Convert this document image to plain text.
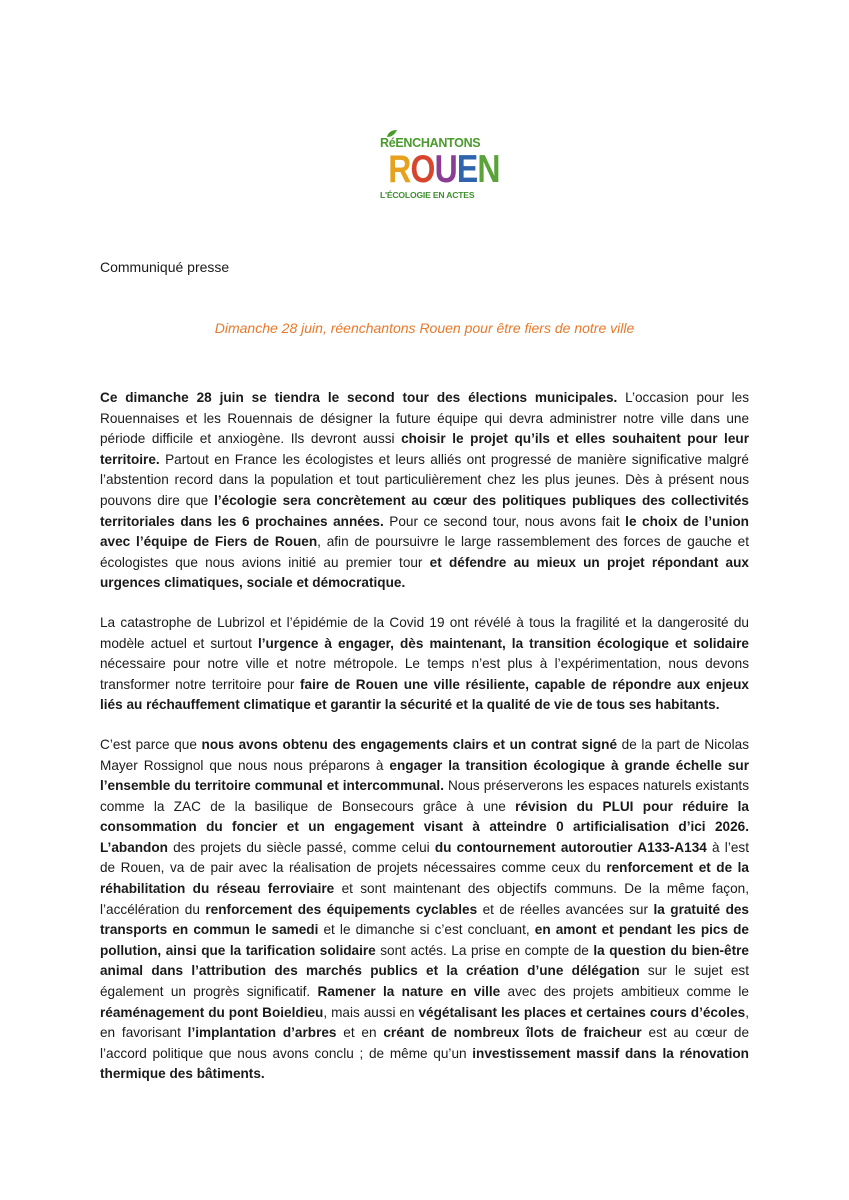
RéENCHANTONS
ROUEN
L'ÉCOLOGIE EN ACTES
Communiqué presse
Dimanche 28 juin, réenchantons Rouen pour être fiers de notre ville

Ce dimanche 28 juin se tiendra le second tour des élections municipales. L’occasion pour les Rouennaises et les Rouennais de désigner la future équipe qui devra administrer notre ville dans une période difficile et anxiogène. Ils devront aussi choisir le projet qu’ils et elles souhaitent pour leur territoire. Partout en France les écologistes et leurs alliés ont progressé de manière significative malgré l’abstention record dans la population et tout particulièrement chez les plus jeunes. Dès à présent nous pouvons dire que l’écologie sera concrètement au cœur des politiques publiques des collectivités territoriales dans les 6 prochaines années. Pour ce second tour, nous avons fait le choix de l’union avec l’équipe de Fiers de Rouen, afin de poursuivre le large rassemblement des forces de gauche et écologistes que nous avions initié au premier tour et défendre au mieux un projet répondant aux urgences climatiques, sociale et démocratique.

La catastrophe de Lubrizol et l’épidémie de la Covid 19 ont révélé à tous la fragilité et la dangerosité du modèle actuel et surtout l’urgence à engager, dès maintenant, la transition écologique et solidaire nécessaire pour notre ville et notre métropole. Le temps n’est plus à l’expérimentation, nous devons transformer notre territoire pour faire de Rouen une ville résiliente, capable de répondre aux enjeux liés au réchauffement climatique et garantir la sécurité et la qualité de vie de tous ses habitants.

C’est parce que nous avons obtenu des engagements clairs et un contrat signé de la part de Nicolas Mayer Rossignol que nous nous préparons à engager la transition écologique à grande échelle sur l’ensemble du territoire communal et intercommunal. Nous préserverons les espaces naturels existants comme la ZAC de la basilique de Bonsecours grâce à une révision du PLUI pour réduire la consommation du foncier et un engagement visant à atteindre 0 artificialisation d’ici 2026. L’abandon des projets du siècle passé, comme celui du contournement autoroutier A133-A134 à l’est de Rouen, va de pair avec la réalisation de projets nécessaires comme ceux du renforcement et de la réhabilitation du réseau ferroviaire et sont maintenant des objectifs communs. De la même façon, l’accélération du renforcement des équipements cyclables et de réelles avancées sur la gratuité des transports en commun le samedi et le dimanche si c’est concluant, en amont et pendant les pics de pollution, ainsi que la tarification solidaire sont actés. La prise en compte de la question du bien-être animal dans l’attribution des marchés publics et la création d’une délégation sur le sujet est également un progrès significatif. Ramener la nature en ville avec des projets ambitieux comme le réaménagement du pont Boieldieu, mais aussi en végétalisant les places et certaines cours d’écoles, en favorisant l’implantation d’arbres et en créant de nombreux îlots de fraicheur est au cœur de l’accord politique que nous avons conclu ; de même qu’un investissement massif dans la rénovation thermique des bâtiments.
